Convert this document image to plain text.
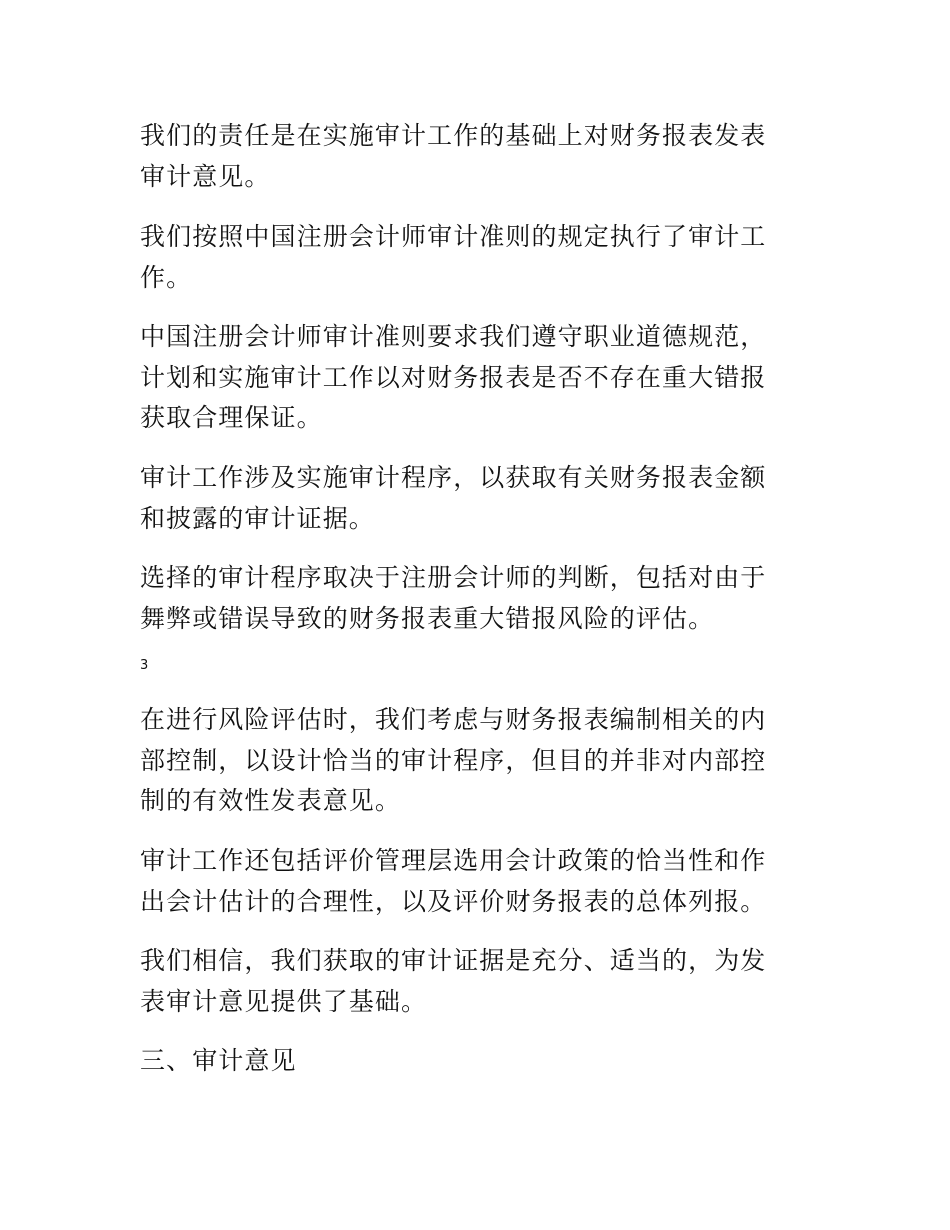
我们的责任是在实施审计工作的基础上对财务报表发表
审计意见。

我们按照中国注册会计师审计准则的规定执行了审计工
作。

中国注册会计师审计准则要求我们遵守职业道德规范，
计划和实施审计工作以对财务报表是否不存在重大错报
获取合理保证。

审计工作涉及实施审计程序，以获取有关财务报表金额
和披露的审计证据。

选择的审计程序取决于注册会计师的判断，包括对由于
舞弊或错误导致的财务报表重大错报风险的评估。

3

在进行风险评估时，我们考虑与财务报表编制相关的内
部控制，以设计恰当的审计程序，但目的并非对内部控
制的有效性发表意见。

审计工作还包括评价管理层选用会计政策的恰当性和作
出会计估计的合理性，以及评价财务报表的总体列报。

我们相信，我们获取的审计证据是充分、适当的，为发
表审计意见提供了基础。

三、审计意见
